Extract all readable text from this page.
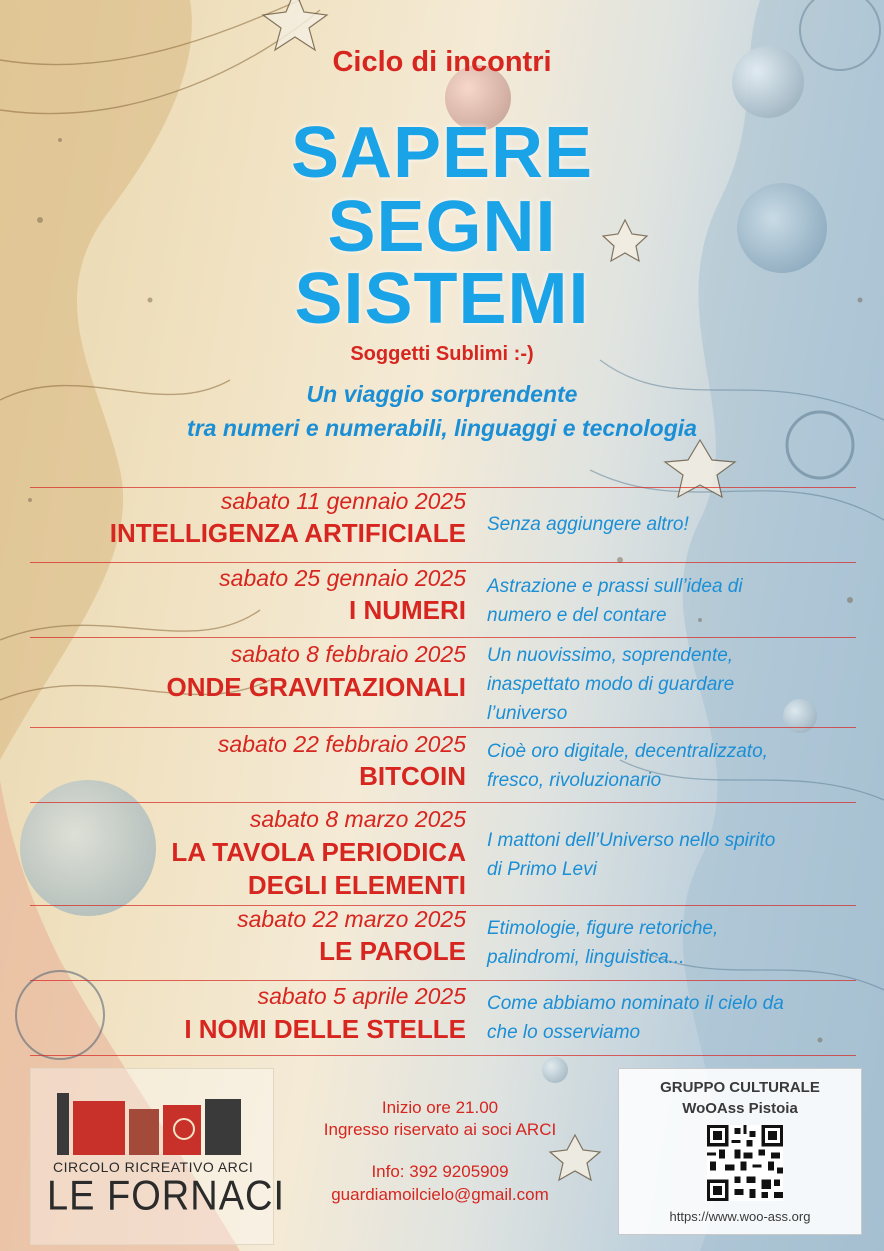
Ciclo di incontri
SAPERE
SEGNI
SISTEMI
Soggetti Sublimi :-)
Un viaggio sorprendente
tra numeri e numerabili, linguaggi e tecnologia
sabato 11 gennaio 2025
INTELLIGENZA ARTIFICIALE Senza aggiungere altro!
sabato 25 gennaio 2025
I NUMERI
Astrazione e prassi sull’idea di
numero e del contare
sabato 8 febbraio 2025
ONDE GRAVITAZIONALI
Un nuovissimo, soprendente,
inaspettato modo di guardare
l’universo
sabato 22 febbraio 2025
BITCOIN
Cioè oro digitale, decentralizzato,
fresco, rivoluzionario
sabato 8 marzo 2025
LA TAVOLA PERIODICA
DEGLI ELEMENTI
I mattoni dell’Universo nello spirito
di Primo Levi
sabato 22 marzo 2025
LE PAROLE
Etimologie, figure retoriche,
palindromi, linguistica...
sabato 5 aprile 2025
I NOMI DELLE STELLE
Come abbiamo nominato il cielo da
che lo osserviamo
CIRCOLO RICREATIVO ARCI
LE FORNACI
Inizio ore 21.00
Ingresso riservato ai soci ARCI
Info: 392 9205909
guardiamoilcielo@gmail.com
GRUPPO CULTURALE
WoOAss Pistoia
https://www.woo-ass.org
